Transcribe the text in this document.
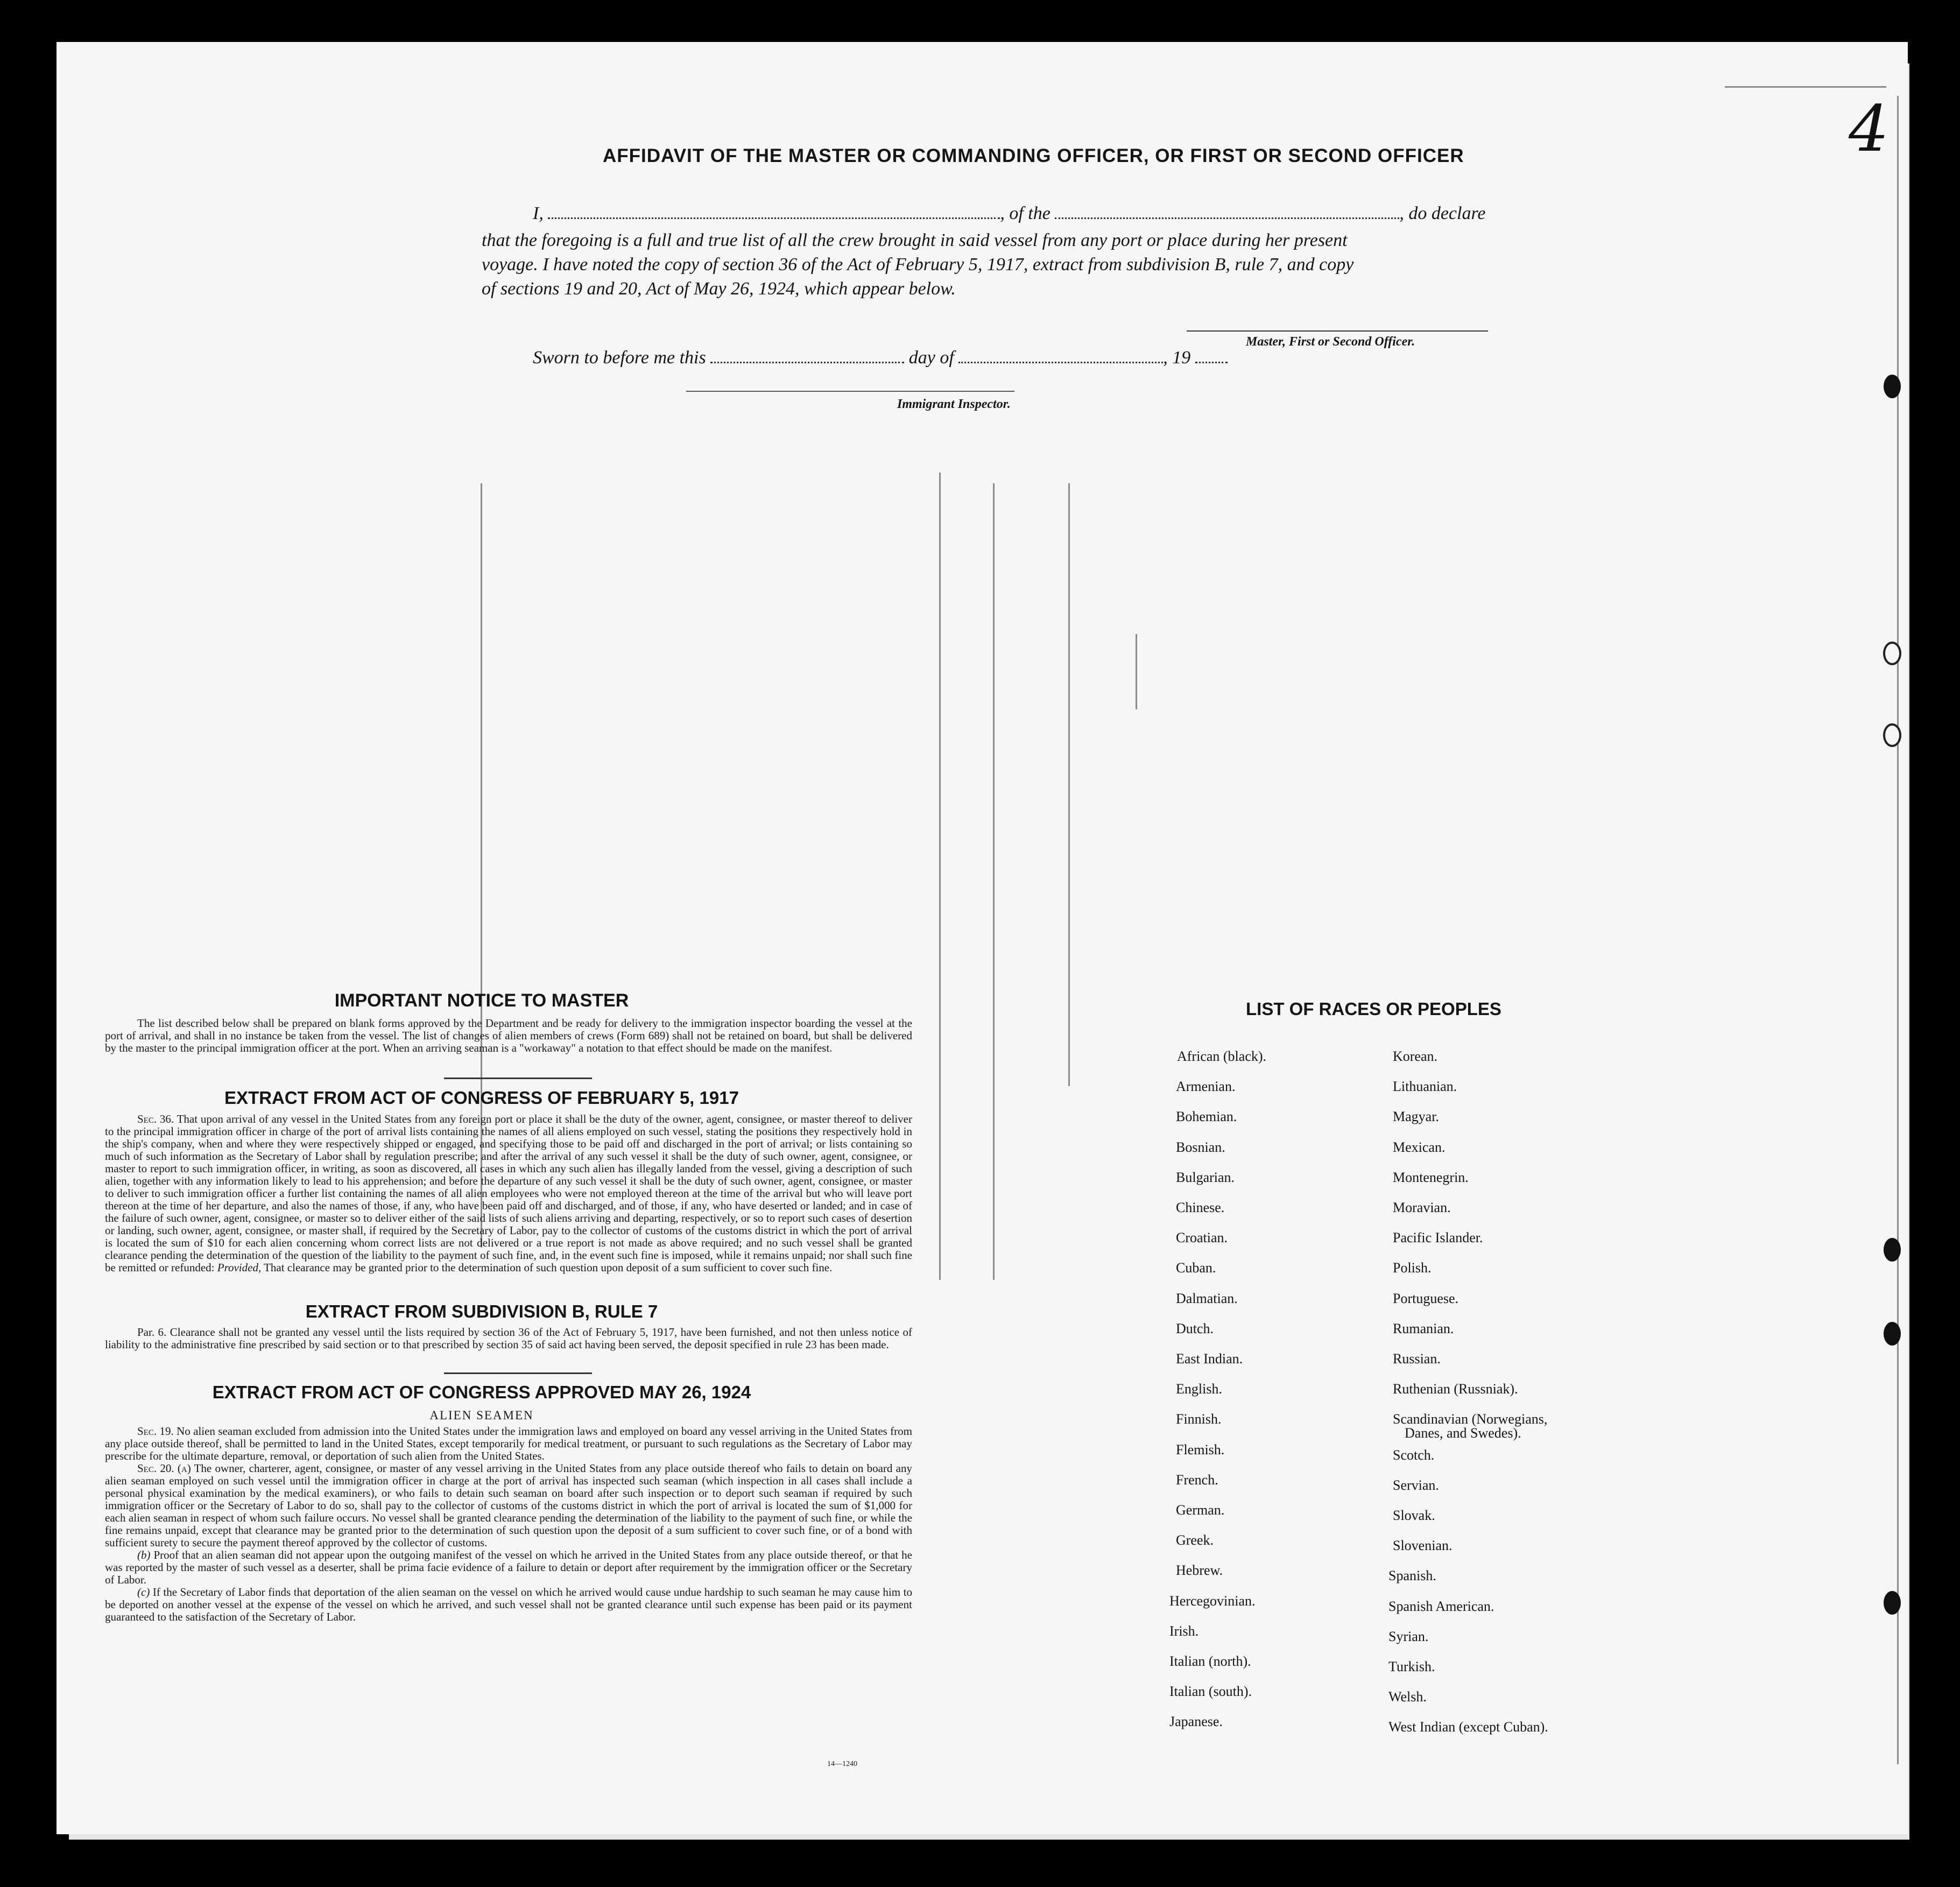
4
AFFIDAVIT OF THE MASTER OR COMMANDING OFFICER, OR FIRST OR SECOND OFFICER
I,	, of the	, do declare
that the foregoing is a full and true list of all the crew brought in said vessel from any port or place during her present
voyage. I have noted the copy of section 36 of the Act of February 5, 1917, extract from subdivision B, rule 7, and copy
of sections 19 and 20, Act of May 26, 1924, which appear below.
Master, First or Second Officer.
Sworn to before me this	day of	, 19
Immigrant Inspector.
IMPORTANT NOTICE TO MASTER
The list described below shall be prepared on blank forms approved by the Department and be ready for delivery to the immigration inspector boarding the vessel at the port of arrival, and shall in no instance be taken from the vessel. The list of changes of alien members of crews (Form 689) shall not be retained on board, but shall be delivered by the master to the principal immigration officer at the port. When an arriving seaman is a "workaway" a notation to that effect should be made on the manifest.
EXTRACT FROM ACT OF CONGRESS OF FEBRUARY 5, 1917
Sec. 36. That upon arrival of any vessel in the United States from any foreign port or place it shall be the duty of the owner, agent, consignee, or master thereof to deliver to the principal immigration officer in charge of the port of arrival lists containing the names of all aliens employed on such vessel, stating the positions they respectively hold in the ship's company, when and where they were respectively shipped or engaged, and specifying those to be paid off and discharged in the port of arrival; or lists containing so much of such information as the Secretary of Labor shall by regulation prescribe; and after the arrival of any such vessel it shall be the duty of such owner, agent, consignee, or master to report to such immigration officer, in writing, as soon as discovered, all cases in which any such alien has illegally landed from the vessel, giving a description of such alien, together with any information likely to lead to his apprehension; and before the departure of any such vessel it shall be the duty of such owner, agent, consignee, or master to deliver to such immigration officer a further list containing the names of all alien employees who were not employed thereon at the time of the arrival but who will leave port thereon at the time of her departure, and also the names of those, if any, who have been paid off and discharged, and of those, if any, who have deserted or landed; and in case of the failure of such owner, agent, consignee, or master so to deliver either of the said lists of such aliens arriving and departing, respectively, or so to report such cases of desertion or landing, such owner, agent, consignee, or master shall, if required by the Secretary of Labor, pay to the collector of customs of the customs district in which the port of arrival is located the sum of $10 for each alien concerning whom correct lists are not delivered or a true report is not made as above required; and no such vessel shall be granted clearance pending the determination of the question of the liability to the payment of such fine, and, in the event such fine is imposed, while it remains unpaid; nor shall such fine be remitted or refunded: Provided, That clearance may be granted prior to the determination of such question upon deposit of a sum sufficient to cover such fine.
EXTRACT FROM SUBDIVISION B, RULE 7
Par. 6. Clearance shall not be granted any vessel until the lists required by section 36 of the Act of February 5, 1917, have been furnished, and not then unless notice of liability to the administrative fine prescribed by said section or to that prescribed by section 35 of said act having been served, the deposit specified in rule 23 has been made.
EXTRACT FROM ACT OF CONGRESS APPROVED MAY 26, 1924
ALIEN SEAMEN
Sec. 19. No alien seaman excluded from admission into the United States under the immigration laws and employed on board any vessel arriving in the United States from any place outside thereof, shall be permitted to land in the United States, except temporarily for medical treatment, or pursuant to such regulations as the Secretary of Labor may prescribe for the ultimate departure, removal, or deportation of such alien from the United States.
Sec. 20. (a) The owner, charterer, agent, consignee, or master of any vessel arriving in the United States from any place outside thereof who fails to detain on board any alien seaman employed on such vessel until the immigration officer in charge at the port of arrival has inspected such seaman (which inspection in all cases shall include a personal physical examination by the medical examiners), or who fails to detain such seaman on board after such inspection or to deport such seaman if required by such immigration officer or the Secretary of Labor to do so, shall pay to the collector of customs of the customs district in which the port of arrival is located the sum of $1,000 for each alien seaman in respect of whom such failure occurs. No vessel shall be granted clearance pending the determination of the liability to the payment of such fine, or while the fine remains unpaid, except that clearance may be granted prior to the determination of such question upon the deposit of a sum sufficient to cover such fine, or of a bond with sufficient surety to secure the payment thereof approved by the collector of customs.
(b) Proof that an alien seaman did not appear upon the outgoing manifest of the vessel on which he arrived in the United States from any place outside thereof, or that he was reported by the master of such vessel as a deserter, shall be prima facie evidence of a failure to detain or deport after requirement by the immigration officer or the Secretary of Labor.
(c) If the Secretary of Labor finds that deportation of the alien seaman on the vessel on which he arrived would cause undue hardship to such seaman he may cause him to be deported on another vessel at the expense of the vessel on which he arrived, and such vessel shall not be granted clearance until such expense has been paid or its payment guaranteed to the satisfaction of the Secretary of Labor.
14—1240
LIST OF RACES OR PEOPLES
African (black).
Armenian.
Bohemian.
Bosnian.
Bulgarian.
Chinese.
Croatian.
Cuban.
Dalmatian.
Dutch.
East Indian.
English.
Finnish.
Flemish.
French.
German.
Greek.
Hebrew.
Hercegovinian.
Irish.
Italian (north).
Italian (south).
Japanese.
Korean.
Lithuanian.
Magyar.
Mexican.
Montenegrin.
Moravian.
Pacific Islander.
Polish.
Portuguese.
Rumanian.
Russian.
Ruthenian (Russniak).
Scandinavian (Norwegians,
Danes, and Swedes).
Scotch.
Servian.
Slovak.
Slovenian.
Spanish.
Spanish American.
Syrian.
Turkish.
Welsh.
West Indian (except Cuban).
